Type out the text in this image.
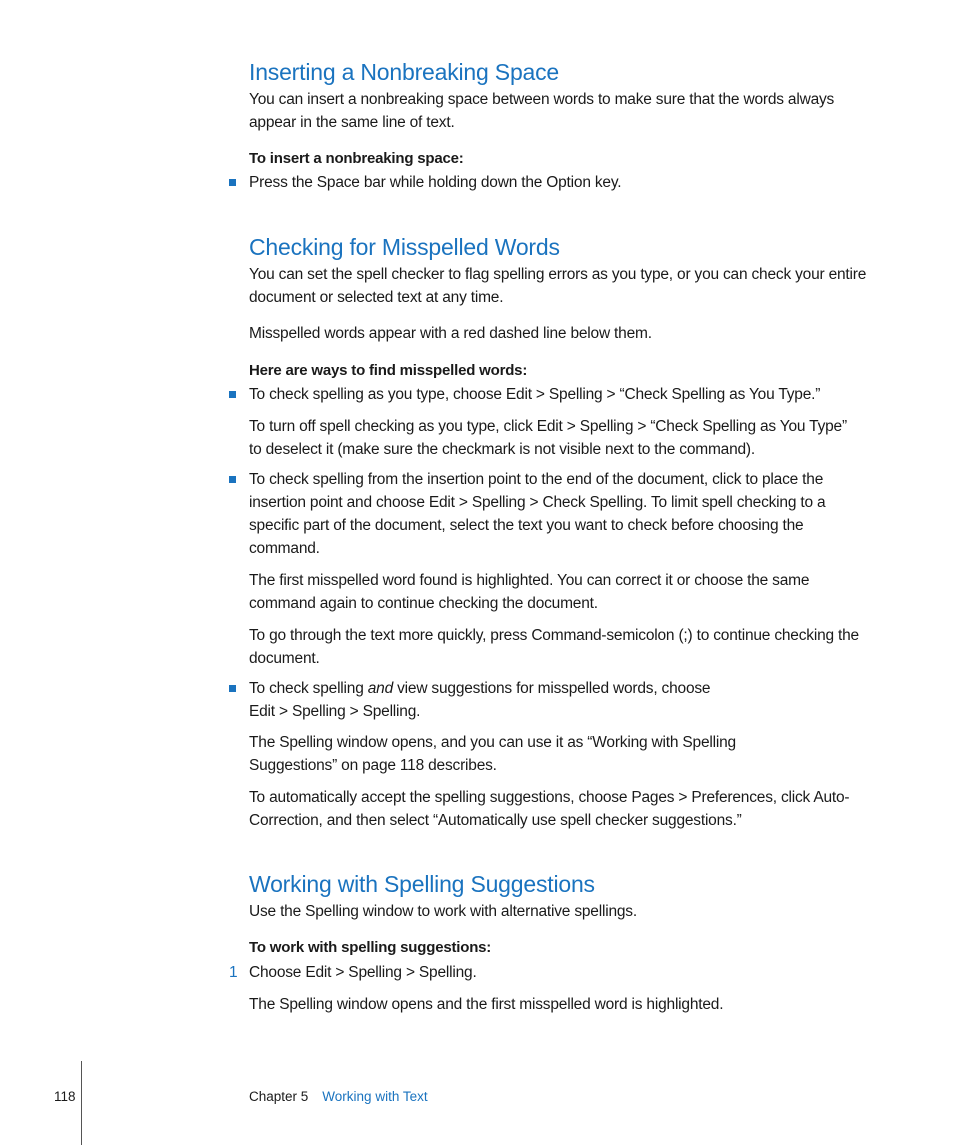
Inserting a Nonbreaking Space

You can insert a nonbreaking space between words to make sure that the words always appear in the same line of text.

To insert a nonbreaking space:

Press the Space bar while holding down the Option key.

Checking for Misspelled Words

You can set the spell checker to flag spelling errors as you type, or you can check your entire document or selected text at any time.

Misspelled words appear with a red dashed line below them.

Here are ways to find misspelled words:

To check spelling as you type, choose Edit > Spelling > “Check Spelling as You Type.”

To turn off spell checking as you type, click Edit > Spelling > “Check Spelling as You Type” to deselect it (make sure the checkmark is not visible next to the command).

To check spelling from the insertion point to the end of the document, click to place the insertion point and choose Edit > Spelling > Check Spelling. To limit spell checking to a specific part of the document, select the text you want to check before choosing the command.

The first misspelled word found is highlighted. You can correct it or choose the same command again to continue checking the document.

To go through the text more quickly, press Command-semicolon (;) to continue checking the document.

To check spelling and view suggestions for misspelled words, choose

Edit > Spelling > Spelling.

The Spelling window opens, and you can use it as “Working with Spelling Suggestions” on page 118 describes.

To automatically accept the spelling suggestions, choose Pages > Preferences, click Auto-Correction, and then select “Automatically use spell checker suggestions.”

Working with Spelling Suggestions

Use the Spelling window to work with alternative spellings.

To work with spelling suggestions:

1 Choose Edit > Spelling > Spelling.

The Spelling window opens and the first misspelled word is highlighted.

118	Chapter 5 Working with Text
